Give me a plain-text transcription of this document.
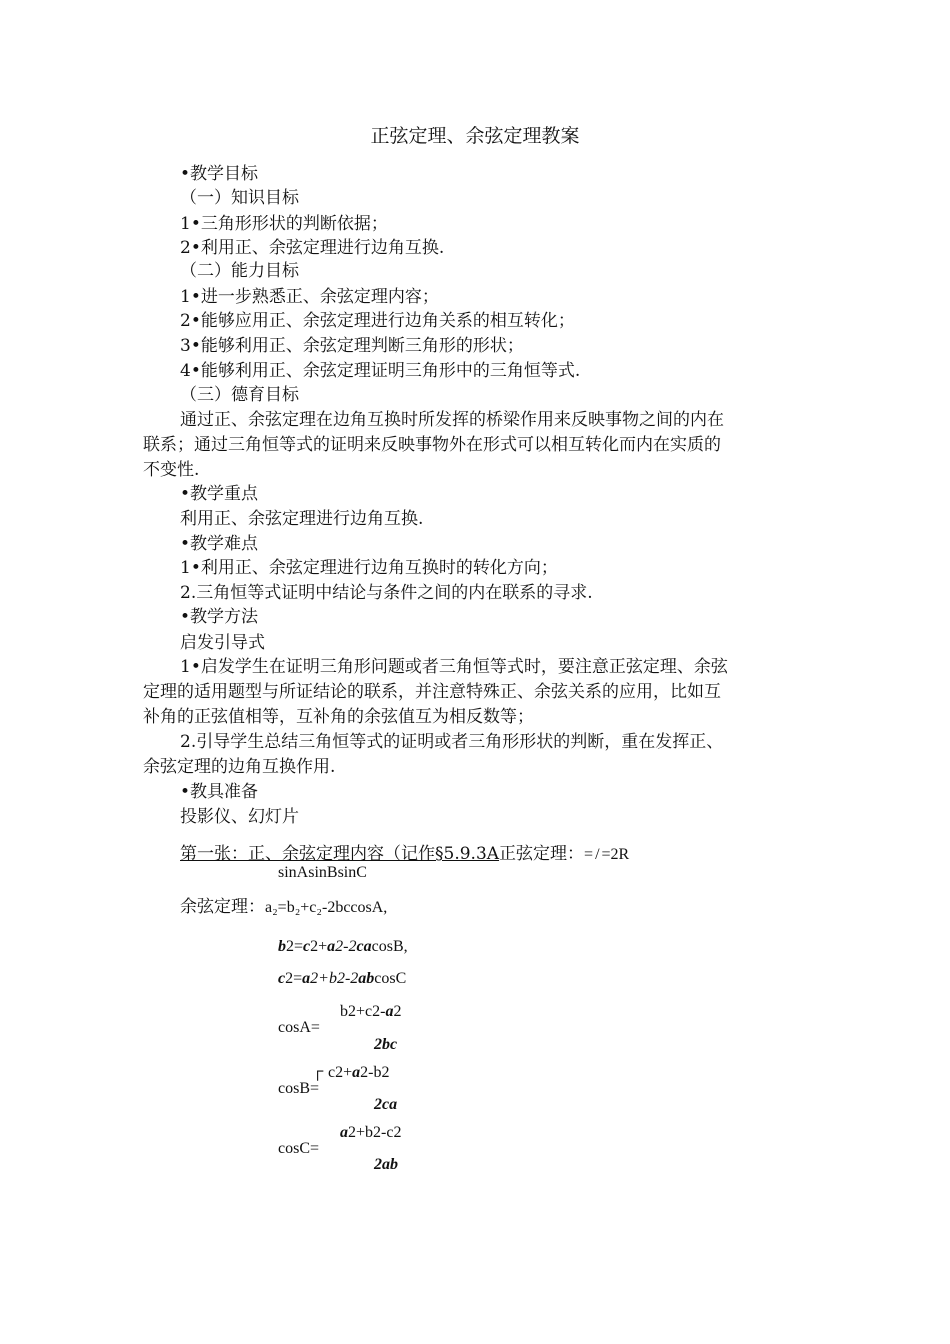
正弦定理、余弦定理教案
•教学目标
（一）知识目标
1•三角形形状的判断依据；
2•利用正、余弦定理进行边角互换.
（二）能力目标
1•进一步熟悉正、余弦定理内容；
2•能够应用正、余弦定理进行边角关系的相互转化；
3•能够利用正、余弦定理判断三角形的形状；
4•能够利用正、余弦定理证明三角形中的三角恒等式.
（三）德育目标
通过正、余弦定理在边角互换时所发挥的桥梁作用来反映事物之间的内在
联系；通过三角恒等式的证明来反映事物外在形式可以相互转化而内在实质的
不变性.
•教学重点
利用正、余弦定理进行边角互换.
•教学难点
1•利用正、余弦定理进行边角互换时的转化方向；
2.三角恒等式证明中结论与条件之间的内在联系的寻求.
•教学方法
启发引导式
1•启发学生在证明三角形问题或者三角恒等式时，要注意正弦定理、余弦
定理的适用题型与所证结论的联系，并注意特殊正、余弦关系的应用，比如互
补角的正弦值相等，互补角的余弦值互为相反数等；
2.引导学生总结三角恒等式的证明或者三角形形状的判断，重在发挥正、
余弦定理的边角互换作用.
•教具准备
投影仪、幻灯片
第一张：正、余弦定理内容（记作§5.9.3A正弦定理：= / =2R
sinAsinBsinC
余弦定理：a₂=b₂+c₂-2bccosA,
b2=c2+a2-2cacosB,
c2=a2+b2-2abcosC
b2+c2-a2
cosA=
2bc
┌ c2+a2-b2
cosB=
2ca
a2+b2-c2
cosC=
2ab
